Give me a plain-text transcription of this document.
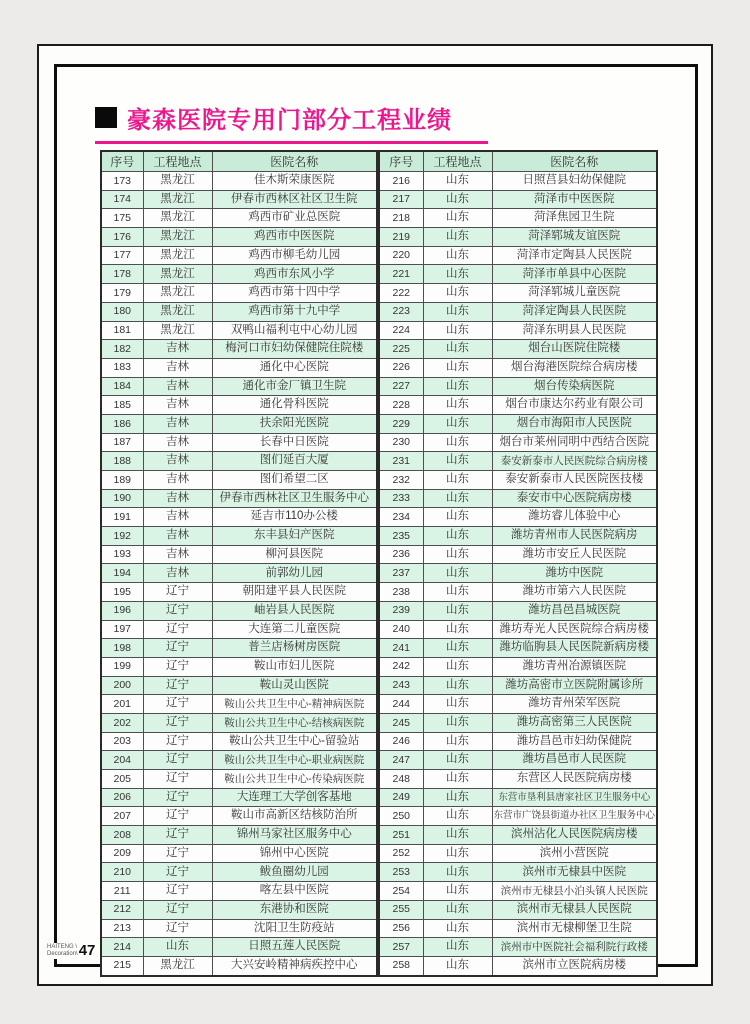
豪森医院专用门部分工程业绩
序号	工程地点	医院名称
173	黑龙江	佳木斯荣康医院
174	黑龙江	伊春市西林区社区卫生院
175	黑龙江	鸡西市矿业总医院
176	黑龙江	鸡西市中医医院
177	黑龙江	鸡西市柳毛幼儿园
178	黑龙江	鸡西市东风小学
179	黑龙江	鸡西市第十四中学
180	黑龙江	鸡西市第十九中学
181	黑龙江	双鸭山福利屯中心幼儿园
182	吉林	梅河口市妇幼保健院住院楼
183	吉林	通化中心医院
184	吉林	通化市金厂镇卫生院
185	吉林	通化骨科医院
186	吉林	扶余阳光医院
187	吉林	长春中日医院
188	吉林	图们延百大厦
189	吉林	图们希望二区
190	吉林	伊春市西林社区卫生服务中心
191	吉林	延吉市110办公楼
192	吉林	东丰县妇产医院
193	吉林	柳河县医院
194	吉林	前郭幼儿园
195	辽宁	朝阳建平县人民医院
196	辽宁	岫岩县人民医院
197	辽宁	大连第二儿童医院
198	辽宁	普兰店杨树房医院
199	辽宁	鞍山市妇儿医院
200	辽宁	鞍山灵山医院
201	辽宁	鞍山公共卫生中心-精神病医院
202	辽宁	鞍山公共卫生中心-结核病医院
203	辽宁	鞍山公共卫生中心-留验站
204	辽宁	鞍山公共卫生中心-职业病医院
205	辽宁	鞍山公共卫生中心-传染病医院
206	辽宁	大连理工大学创客基地
207	辽宁	鞍山市高新区结核防治所
208	辽宁	锦州马家社区服务中心
209	辽宁	锦州中心医院
210	辽宁	鲅鱼圈幼儿园
211	辽宁	喀左县中医院
212	辽宁	东港协和医院
213	辽宁	沈阳卫生防疫站
214	山东	日照五莲人民医院
215	黑龙江	大兴安岭精神病疾控中心
序号	工程地点	医院名称
216	山东	日照莒县妇幼保健院
217	山东	菏泽市中医医院
218	山东	菏泽焦园卫生院
219	山东	菏泽郓城友谊医院
220	山东	菏泽市定陶县人民医院
221	山东	菏泽市单县中心医院
222	山东	菏泽郓城儿童医院
223	山东	菏泽定陶县人民医院
224	山东	菏泽东明县人民医院
225	山东	烟台山医院住院楼
226	山东	烟台海港医院综合病房楼
227	山东	烟台传染病医院
228	山东	烟台市康达尔药业有限公司
229	山东	烟台市海阳市人民医院
230	山东	烟台市莱州同明中西结合医院
231	山东	泰安新泰市人民医院综合病房楼
232	山东	泰安新泰市人民医院医技楼
233	山东	泰安市中心医院病房楼
234	山东	潍坊睿儿体验中心
235	山东	潍坊青州市人民医院病房
236	山东	潍坊市安丘人民医院
237	山东	潍坊中医院
238	山东	潍坊市第六人民医院
239	山东	潍坊昌邑昌城医院
240	山东	潍坊寿光人民医院综合病房楼
241	山东	潍坊临朐县人民医院新病房楼
242	山东	潍坊青州冶源镇医院
243	山东	潍坊高密市立医院附属诊所
244	山东	潍坊青州荣军医院
245	山东	潍坊高密第三人民医院
246	山东	潍坊昌邑市妇幼保健院
247	山东	潍坊昌邑市人民医院
248	山东	东营区人民医院病房楼
249	山东	东营市垦利县唐家社区卫生服务中心
250	山东	东营市广饶县街道办社区卫生服务中心
251	山东	滨州沾化人民医院病房楼
252	山东	滨州小营医院
253	山东	滨州市无棣县中医院
254	山东	滨州市无棣县小泊头镇人民医院
255	山东	滨州市无棣县人民医院
256	山东	滨州市无棣柳堡卫生院
257	山东	滨州市中医院社会福利院行政楼
258	山东	滨州市立医院病房楼
HAITENG \
Decoration\ 47
